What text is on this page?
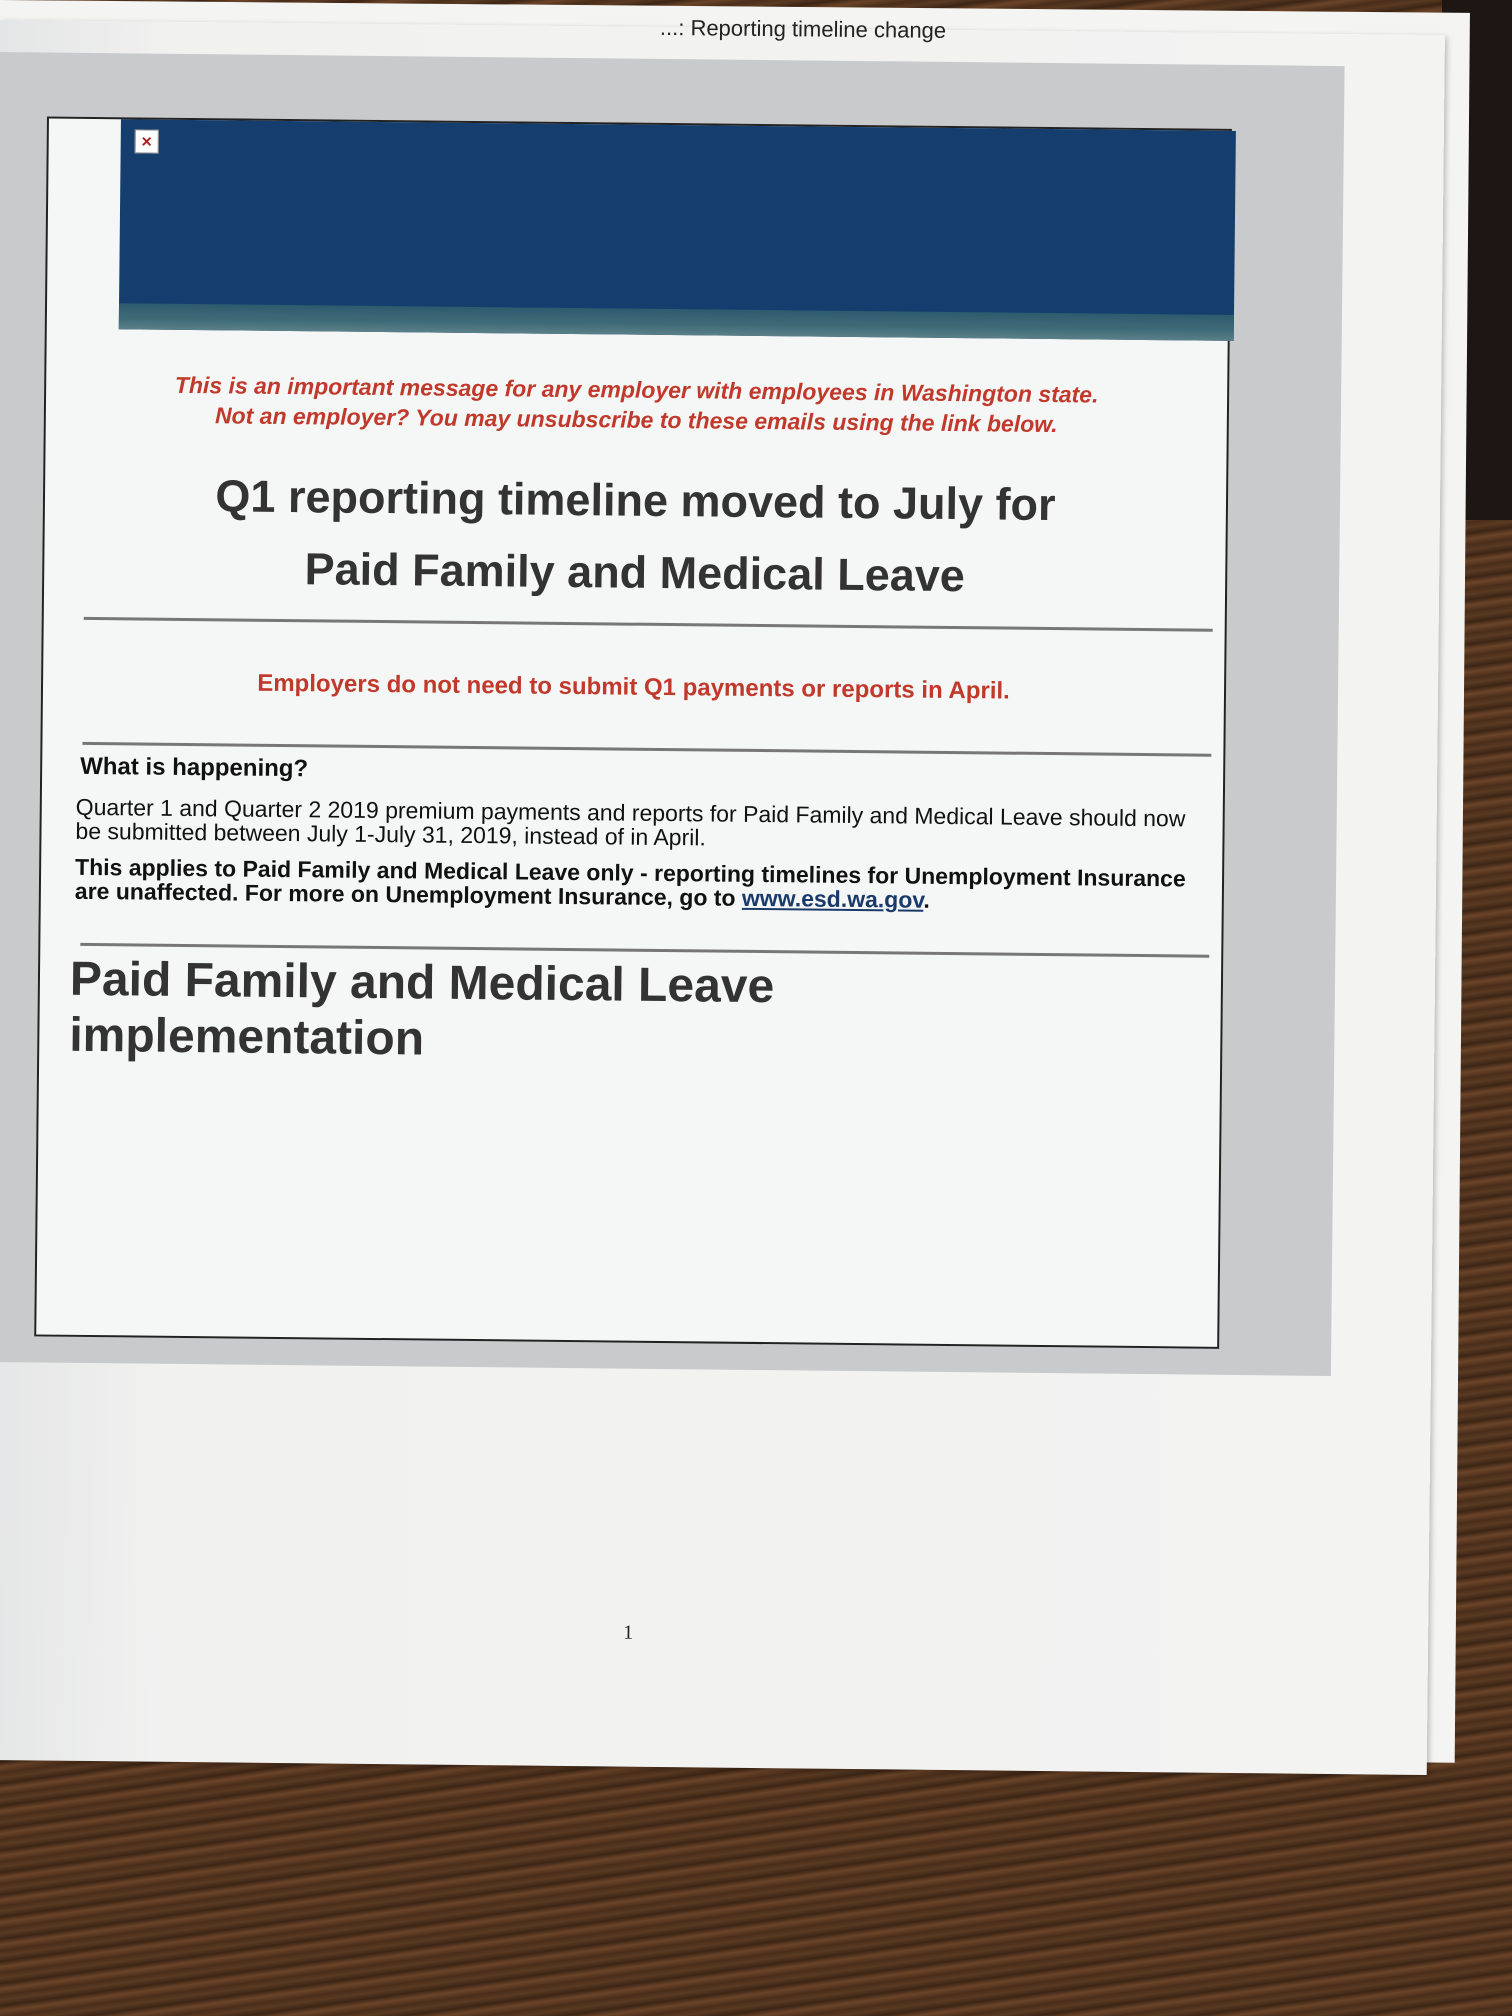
...: Reporting timeline change
✕
This is an important message for any employer with employees in Washington state.
Not an employer? You may unsubscribe to these emails using the link below.
Q1 reporting timeline moved to July for
Paid Family and Medical Leave
Employers do not need to submit Q1 payments or reports in April.
What is happening?
Quarter 1 and Quarter 2 2019 premium payments and reports for Paid Family and Medical Leave should now be submitted between July 1-July 31, 2019, instead of in April.
This applies to Paid Family and Medical Leave only - reporting timelines for Unemployment Insurance are unaffected. For more on Unemployment Insurance, go to www.esd.wa.gov.
Paid Family and Medical Leave
implementation
1
